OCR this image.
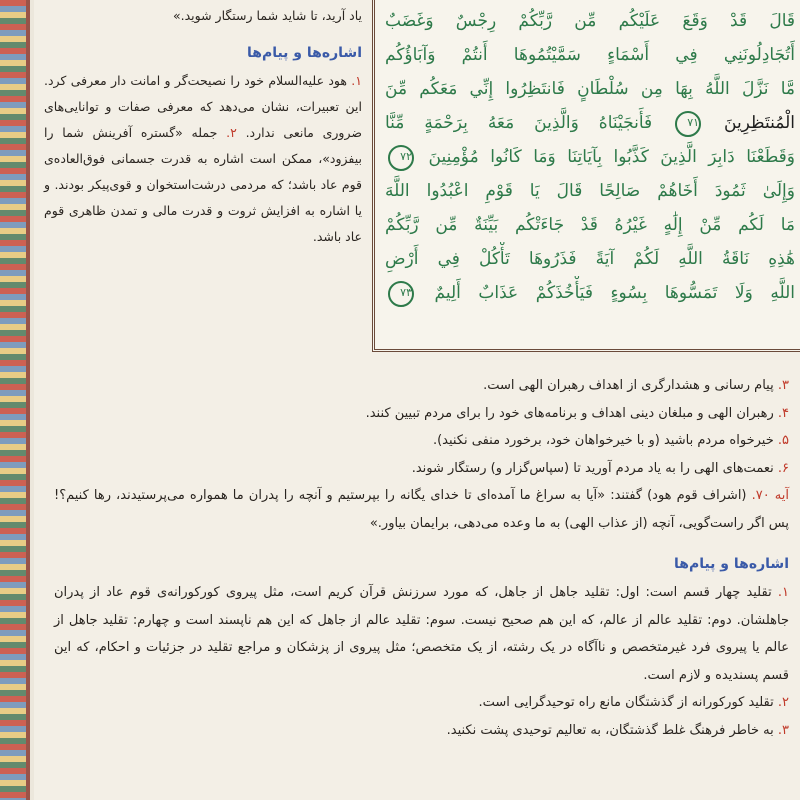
قَالَ قَدْ وَقَعَ عَلَيْكُم مِّن رَّبِّكُمْ رِجْسٌ وَغَضَبٌ
أَتُجَادِلُونَنِي فِي أَسْمَاءٍ سَمَّيْتُمُوهَا أَنتُمْ وَآبَاؤُكُم
مَّا نَزَّلَ اللَّهُ بِهَا مِن سُلْطَانٍ فَانتَظِرُوا إِنِّي مَعَكُم مِّنَ
الْمُنتَظِرِينَ ۷۱ فَأَنجَيْنَاهُ وَالَّذِينَ مَعَهُ بِرَحْمَةٍ مِّنَّا
وَقَطَعْنَا دَابِرَ الَّذِينَ كَذَّبُوا بِآيَاتِنَا وَمَا كَانُوا مُؤْمِنِينَ ۷۲
وَإِلَىٰ ثَمُودَ أَخَاهُمْ صَالِحًا قَالَ يَا قَوْمِ اعْبُدُوا اللَّهَ
مَا لَكُم مِّنْ إِلَٰهٍ غَيْرُهُ قَدْ جَاءَتْكُم بَيِّنَةٌ مِّن رَّبِّكُمْ
هَٰذِهِ نَاقَةُ اللَّهِ لَكُمْ آيَةً فَذَرُوهَا تَأْكُلْ فِي أَرْضِ
اللَّهِ وَلَا تَمَسُّوهَا بِسُوءٍ فَيَأْخُذَكُمْ عَذَابٌ أَلِيمٌ ۷۳
یاد آرید، تا شاید شما رستگار شوید.»
اشاره‌ها و پیام‌ها

۱. هود علیه‌السلام خود را نصیحت‌گر و امانت دار معرفی کرد. این تعبیرات، نشان می‌دهد که معرفی صفات و توانایی‌های ضروری مانعی ندارد. ۲. جمله «گستره آفرینش شما را بیفزود»، ممکن است اشاره به قدرت جسمانی فوق‌العاده‌ی قوم عاد باشد؛ که مردمی درشت‌استخوان و قوی‌پیکر بودند. و یا اشاره به افزایش ثروت و قدرت مالی و تمدن ظاهری قوم عاد باشد.

۳. پیام رسانی و هشدارگری از اهداف رهبران الهی است.

۴. رهبران الهی و مبلغان دینی اهداف و برنامه‌های خود را برای مردم تبیین کنند.

۵. خیرخواه مردم باشید (و با خیرخواهان خود، برخورد منفی نکنید).

۶. نعمت‌های الهی را به یاد مردم آورید تا (سپاس‌گزار و) رستگار شوند.

آیه ۷۰. (اشراف قوم هود) گفتند: «آیا به سراغ ما آمده‌ای تا خدای یگانه را بپرستیم و آنچه را پدران ما همواره می‌پرستیدند، رها کنیم؟! پس اگر راست‌گویی، آنچه (از عذاب الهی) به ما وعده می‌دهی، برایمان بیاور.»

اشاره‌ها و پیام‌ها

۱. تقلید چهار قسم است: اول: تقلید جاهل از جاهل، که مورد سرزنش قرآن کریم است، مثل پیروی کورکورانه‌ی قوم عاد از پدران جاهلشان. دوم: تقلید عالم از عالم، که این هم صحیح نیست. سوم: تقلید عالم از جاهل که این هم ناپسند است و چهارم: تقلید جاهل از عالم یا پیروی فرد غیرمتخصص و ناآگاه در یک رشته، از یک متخصص؛ مثل پیروی از پزشکان و مراجع تقلید در جزئیات و احکام، که این قسم پسندیده و لازم است.

۲. تقلید کورکورانه از گذشتگان مانع راه توحیدگرایی است.

۳. به خاطر فرهنگ غلط گذشتگان، به تعالیم توحیدی پشت نکنید.
